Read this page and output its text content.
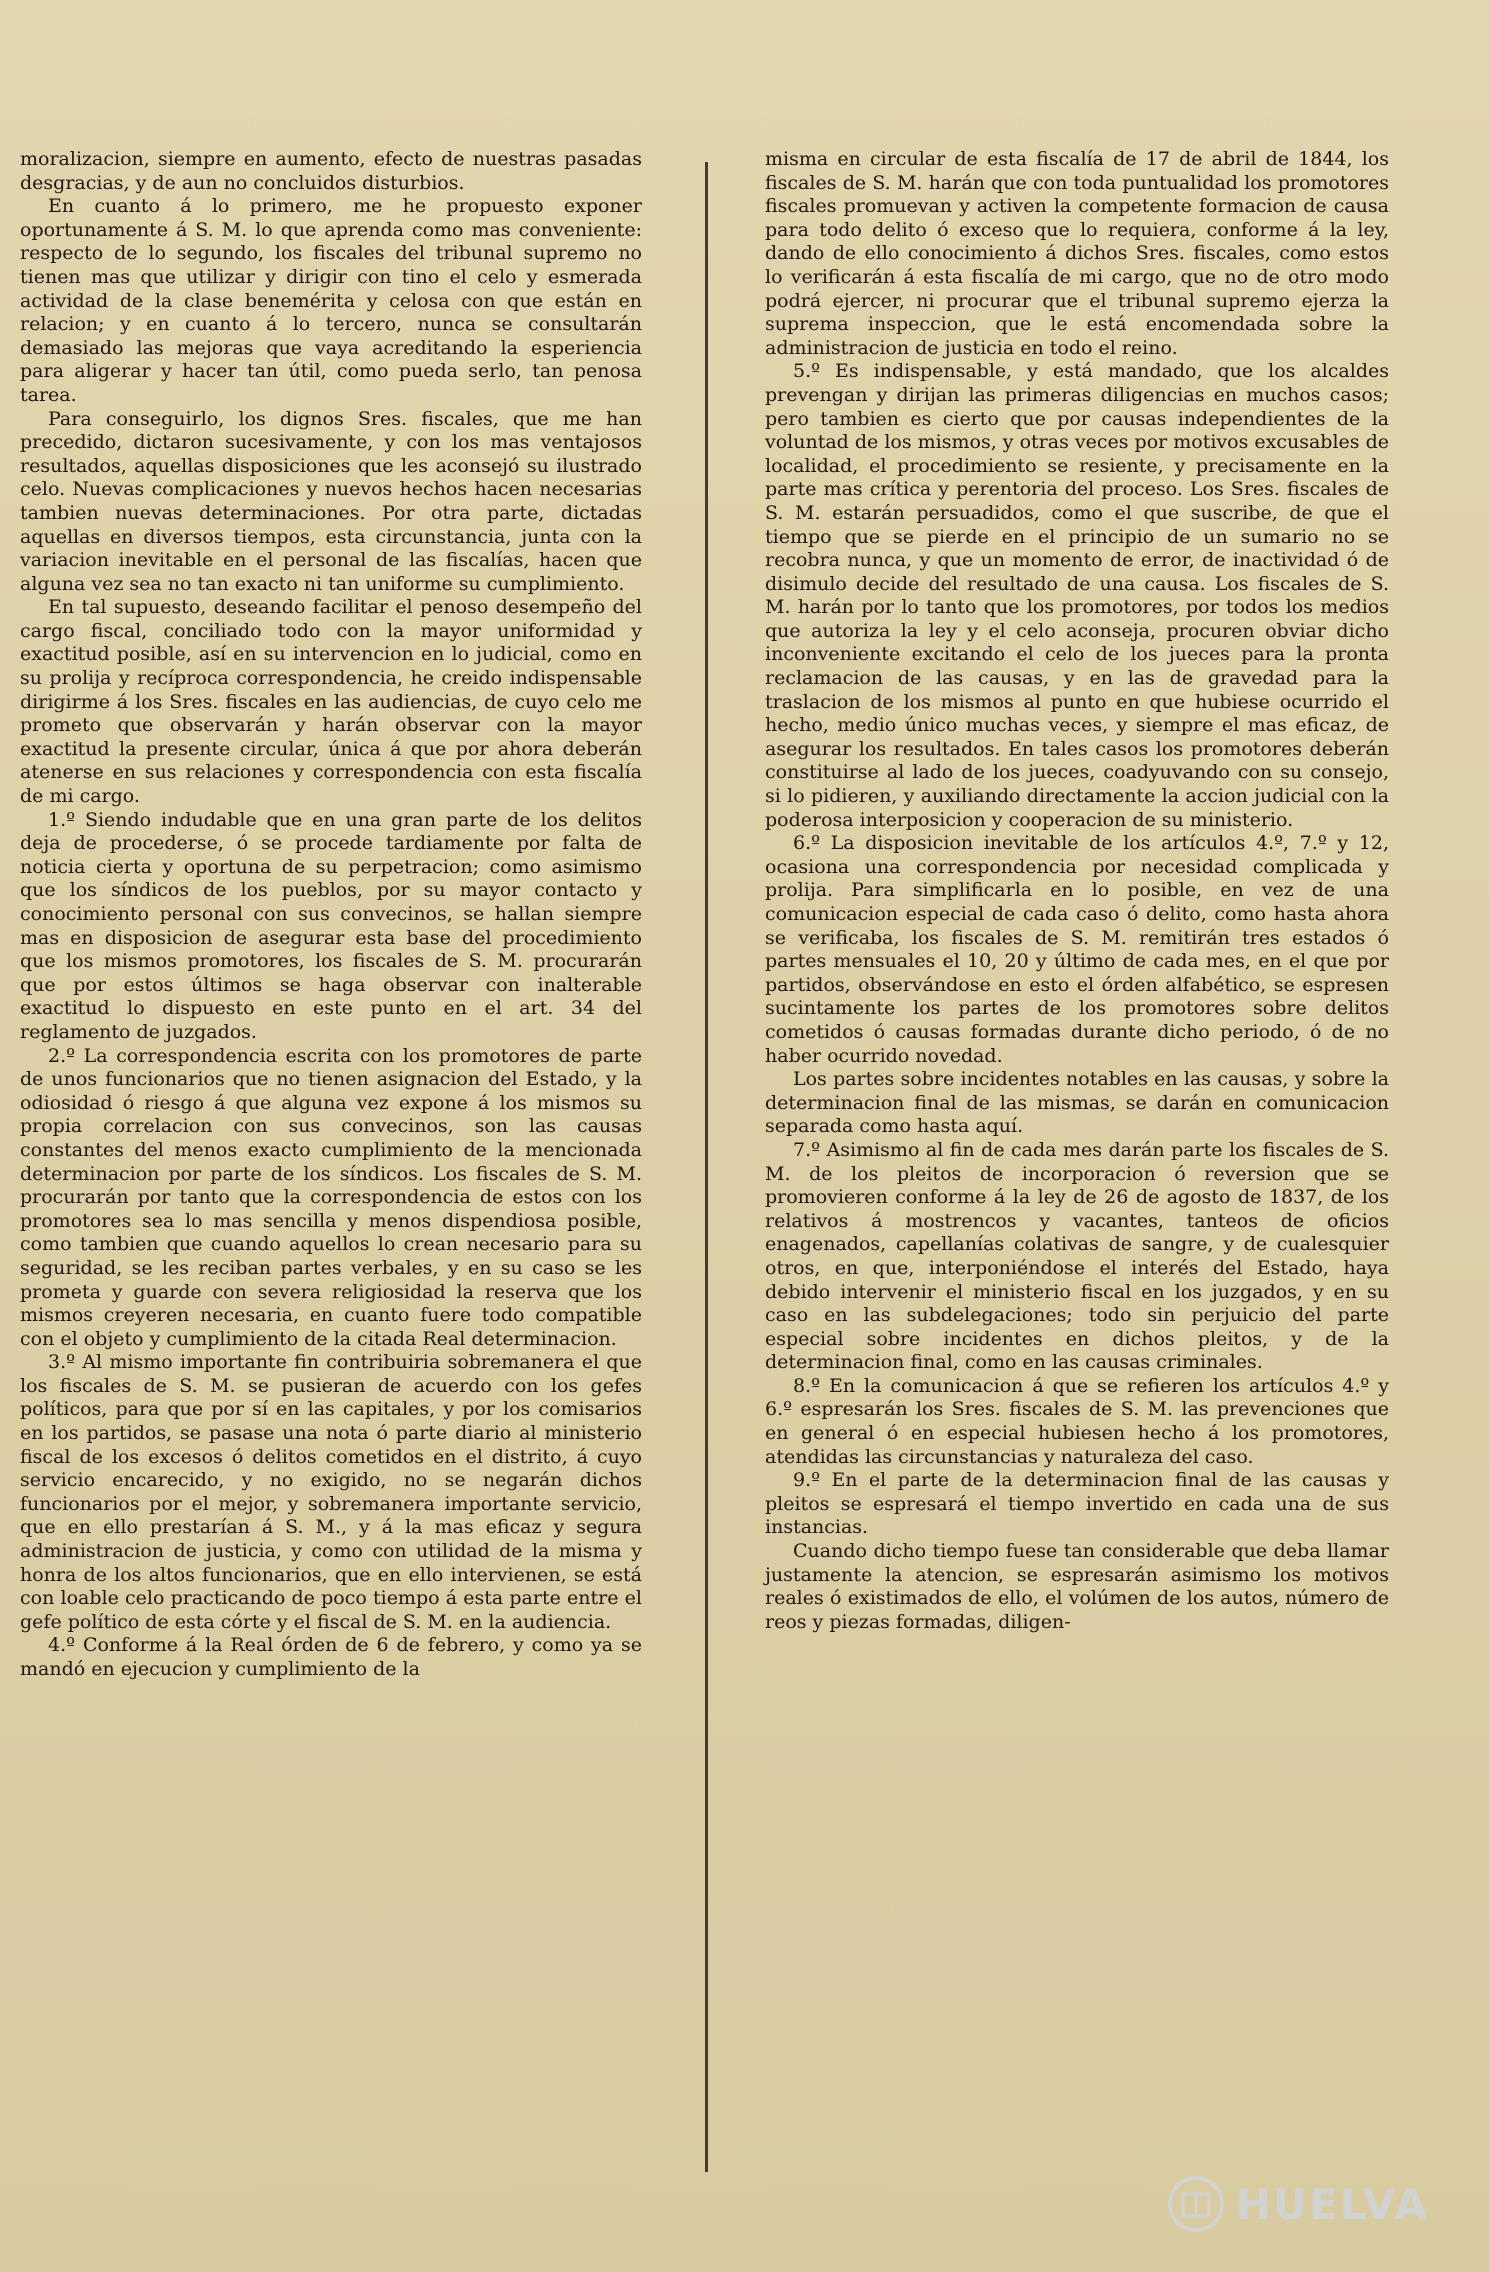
moralizacion, siempre en aumento, efecto de nuestras pasadas desgracias, y de aun no concluidos disturbios.

En cuanto á lo primero, me he propuesto exponer oportunamente á S. M. lo que aprenda como mas conveniente: respecto de lo segundo, los fiscales del tribunal supremo no tienen mas que utilizar y dirigir con tino el celo y esmerada actividad de la clase benemérita y celosa con que están en relacion; y en cuanto á lo tercero, nunca se consultarán demasiado las mejoras que vaya acreditando la esperiencia para aligerar y hacer tan útil, como pueda serlo, tan penosa tarea.

Para conseguirlo, los dignos Sres. fiscales, que me han precedido, dictaron sucesivamente, y con los mas ventajosos resultados, aquellas disposiciones que les aconsejó su ilustrado celo. Nuevas complicaciones y nuevos hechos hacen necesarias tambien nuevas determinaciones. Por otra parte, dictadas aquellas en diversos tiempos, esta circunstancia, junta con la variacion inevitable en el personal de las fiscalías, hacen que alguna vez sea no tan exacto ni tan uniforme su cumplimiento.

En tal supuesto, deseando facilitar el penoso desempeño del cargo fiscal, conciliado todo con la mayor uniformidad y exactitud posible, así en su intervencion en lo judicial, como en su prolija y recíproca correspondencia, he creido indispensable dirigirme á los Sres. fiscales en las audiencias, de cuyo celo me prometo que observarán y harán observar con la mayor exactitud la presente circular, única á que por ahora deberán atenerse en sus relaciones y correspondencia con esta fiscalía de mi cargo.

1.º Siendo indudable que en una gran parte de los delitos deja de procederse, ó se procede tardiamente por falta de noticia cierta y oportuna de su perpetracion; como asimismo que los síndicos de los pueblos, por su mayor contacto y conocimiento personal con sus convecinos, se hallan siempre mas en disposicion de asegurar esta base del procedimiento que los mismos promotores, los fiscales de S. M. procurarán que por estos últimos se haga observar con inalterable exactitud lo dispuesto en este punto en el art. 34 del reglamento de juzgados.

2.º La correspondencia escrita con los promotores de parte de unos funcionarios que no tienen asignacion del Estado, y la odiosidad ó riesgo á que alguna vez expone á los mismos su propia correlacion con sus convecinos, son las causas constantes del menos exacto cumplimiento de la mencionada determinacion por parte de los síndicos. Los fiscales de S. M. procurarán por tanto que la correspondencia de estos con los promotores sea lo mas sencilla y menos dispendiosa posible, como tambien que cuando aquellos lo crean necesario para su seguridad, se les reciban partes verbales, y en su caso se les prometa y guarde con severa religiosidad la reserva que los mismos creyeren necesaria, en cuanto fuere todo compatible con el objeto y cumplimiento de la citada Real determinacion.

3.º Al mismo importante fin contribuiria sobremanera el que los fiscales de S. M. se pusieran de acuerdo con los gefes políticos, para que por sí en las capitales, y por los comisarios en los partidos, se pasase una nota ó parte diario al ministerio fiscal de los excesos ó delitos cometidos en el distrito, á cuyo servicio encarecido, y no exigido, no se negarán dichos funcionarios por el mejor, y sobremanera importante servicio, que en ello prestarían á S. M., y á la mas eficaz y segura administracion de justicia, y como con utilidad de la misma y honra de los altos funcionarios, que en ello intervienen, se está con loable celo practicando de poco tiempo á esta parte entre el gefe político de esta córte y el fiscal de S. M. en la audiencia.

4.º Conforme á la Real órden de 6 de febrero, y como ya se mandó en ejecucion y cumplimiento de la

misma en circular de esta fiscalía de 17 de abril de 1844, los fiscales de S. M. harán que con toda puntualidad los promotores fiscales promuevan y activen la competente formacion de causa para todo delito ó exceso que lo requiera, conforme á la ley, dando de ello conocimiento á dichos Sres. fiscales, como estos lo verificarán á esta fiscalía de mi cargo, que no de otro modo podrá ejercer, ni procurar que el tribunal supremo ejerza la suprema inspeccion, que le está encomendada sobre la administracion de justicia en todo el reino.

5.º Es indispensable, y está mandado, que los alcaldes prevengan y dirijan las primeras diligencias en muchos casos; pero tambien es cierto que por causas independientes de la voluntad de los mismos, y otras veces por motivos excusables de localidad, el procedimiento se resiente, y precisamente en la parte mas crítica y perentoria del proceso. Los Sres. fiscales de S. M. estarán persuadidos, como el que suscribe, de que el tiempo que se pierde en el principio de un sumario no se recobra nunca, y que un momento de error, de inactividad ó de disimulo decide del resultado de una causa. Los fiscales de S. M. harán por lo tanto que los promotores, por todos los medios que autoriza la ley y el celo aconseja, procuren obviar dicho inconveniente excitando el celo de los jueces para la pronta reclamacion de las causas, y en las de gravedad para la traslacion de los mismos al punto en que hubiese ocurrido el hecho, medio único muchas veces, y siempre el mas eficaz, de asegurar los resultados. En tales casos los promotores deberán constituirse al lado de los jueces, coadyuvando con su consejo, si lo pidieren, y auxiliando directamente la accion judicial con la poderosa interposicion y cooperacion de su ministerio.

6.º La disposicion inevitable de los artículos 4.º, 7.º y 12, ocasiona una correspondencia por necesidad complicada y prolija. Para simplificarla en lo posible, en vez de una comunicacion especial de cada caso ó delito, como hasta ahora se verificaba, los fiscales de S. M. remitirán tres estados ó partes mensuales el 10, 20 y último de cada mes, en el que por partidos, observándose en esto el órden alfabético, se espresen sucintamente los partes de los promotores sobre delitos cometidos ó causas formadas durante dicho periodo, ó de no haber ocurrido novedad.

Los partes sobre incidentes notables en las causas, y sobre la determinacion final de las mismas, se darán en comunicacion separada como hasta aquí.

7.º Asimismo al fin de cada mes darán parte los fiscales de S. M. de los pleitos de incorporacion ó reversion que se promovieren conforme á la ley de 26 de agosto de 1837, de los relativos á mostrencos y vacantes, tanteos de oficios enagenados, capellanías colativas de sangre, y de cualesquier otros, en que, interponiéndose el interés del Estado, haya debido intervenir el ministerio fiscal en los juzgados, y en su caso en las subdelegaciones; todo sin perjuicio del parte especial sobre incidentes en dichos pleitos, y de la determinacion final, como en las causas criminales.

8.º En la comunicacion á que se refieren los artículos 4.º y 6.º espresarán los Sres. fiscales de S. M. las prevenciones que en general ó en especial hubiesen hecho á los promotores, atendidas las circunstancias y naturaleza del caso.

9.º En el parte de la determinacion final de las causas y pleitos se espresará el tiempo invertido en cada una de sus instancias.

Cuando dicho tiempo fuese tan considerable que deba llamar justamente la atencion, se espresarán asimismo los motivos reales ó existimados de ello, el volúmen de los autos, número de reos y piezas formadas, diligen-

HUELVA
